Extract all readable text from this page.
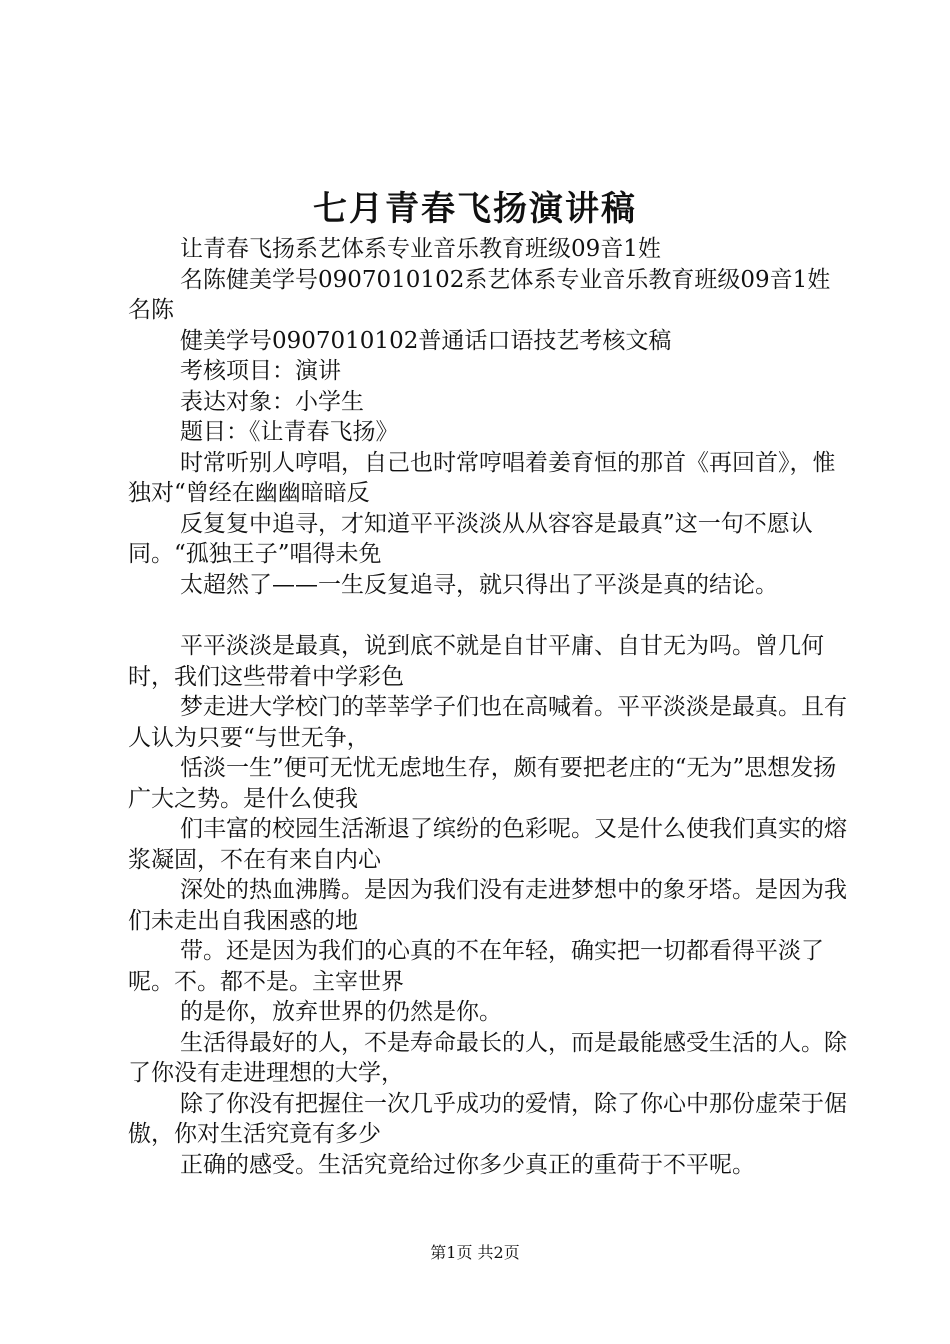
七月青春飞扬演讲稿

让青春飞扬系艺体系专业音乐教育班级09音1姓

名陈健美学号0907010102系艺体系专业音乐教育班级09音1姓名陈

健美学号0907010102普通话口语技艺考核文稿

考核项目：演讲

表达对象：小学生

题目：《让青春飞扬》

时常听别人哼唱，自己也时常哼唱着姜育恒的那首《再回首》，惟独对“曾经在幽幽暗暗反

反复复中追寻，才知道平平淡淡从从容容是最真”这一句不愿认同。“孤独王子”唱得未免

太超然了——一生反复追寻，就只得出了平淡是真的结论。

平平淡淡是最真，说到底不就是自甘平庸、自甘无为吗。曾几何时，我们这些带着中学彩色

梦走进大学校门的莘莘学子们也在高喊着。平平淡淡是最真。且有人认为只要“与世无争，

恬淡一生”便可无忧无虑地生存，颇有要把老庄的“无为”思想发扬广大之势。是什么使我

们丰富的校园生活渐退了缤纷的色彩呢。又是什么使我们真实的熔浆凝固，不在有来自内心

深处的热血沸腾。是因为我们没有走进梦想中的象牙塔。是因为我们未走出自我困惑的地

带。还是因为我们的心真的不在年轻，确实把一切都看得平淡了呢。不。都不是。主宰世界

的是你，放弃世界的仍然是你。

生活得最好的人，不是寿命最长的人，而是最能感受生活的人。除了你没有走进理想的大学，

除了你没有把握住一次几乎成功的爱情，除了你心中那份虚荣于倨傲，你对生活究竟有多少

正确的感受。生活究竟给过你多少真正的重荷于不平呢。

第1页 共2页
